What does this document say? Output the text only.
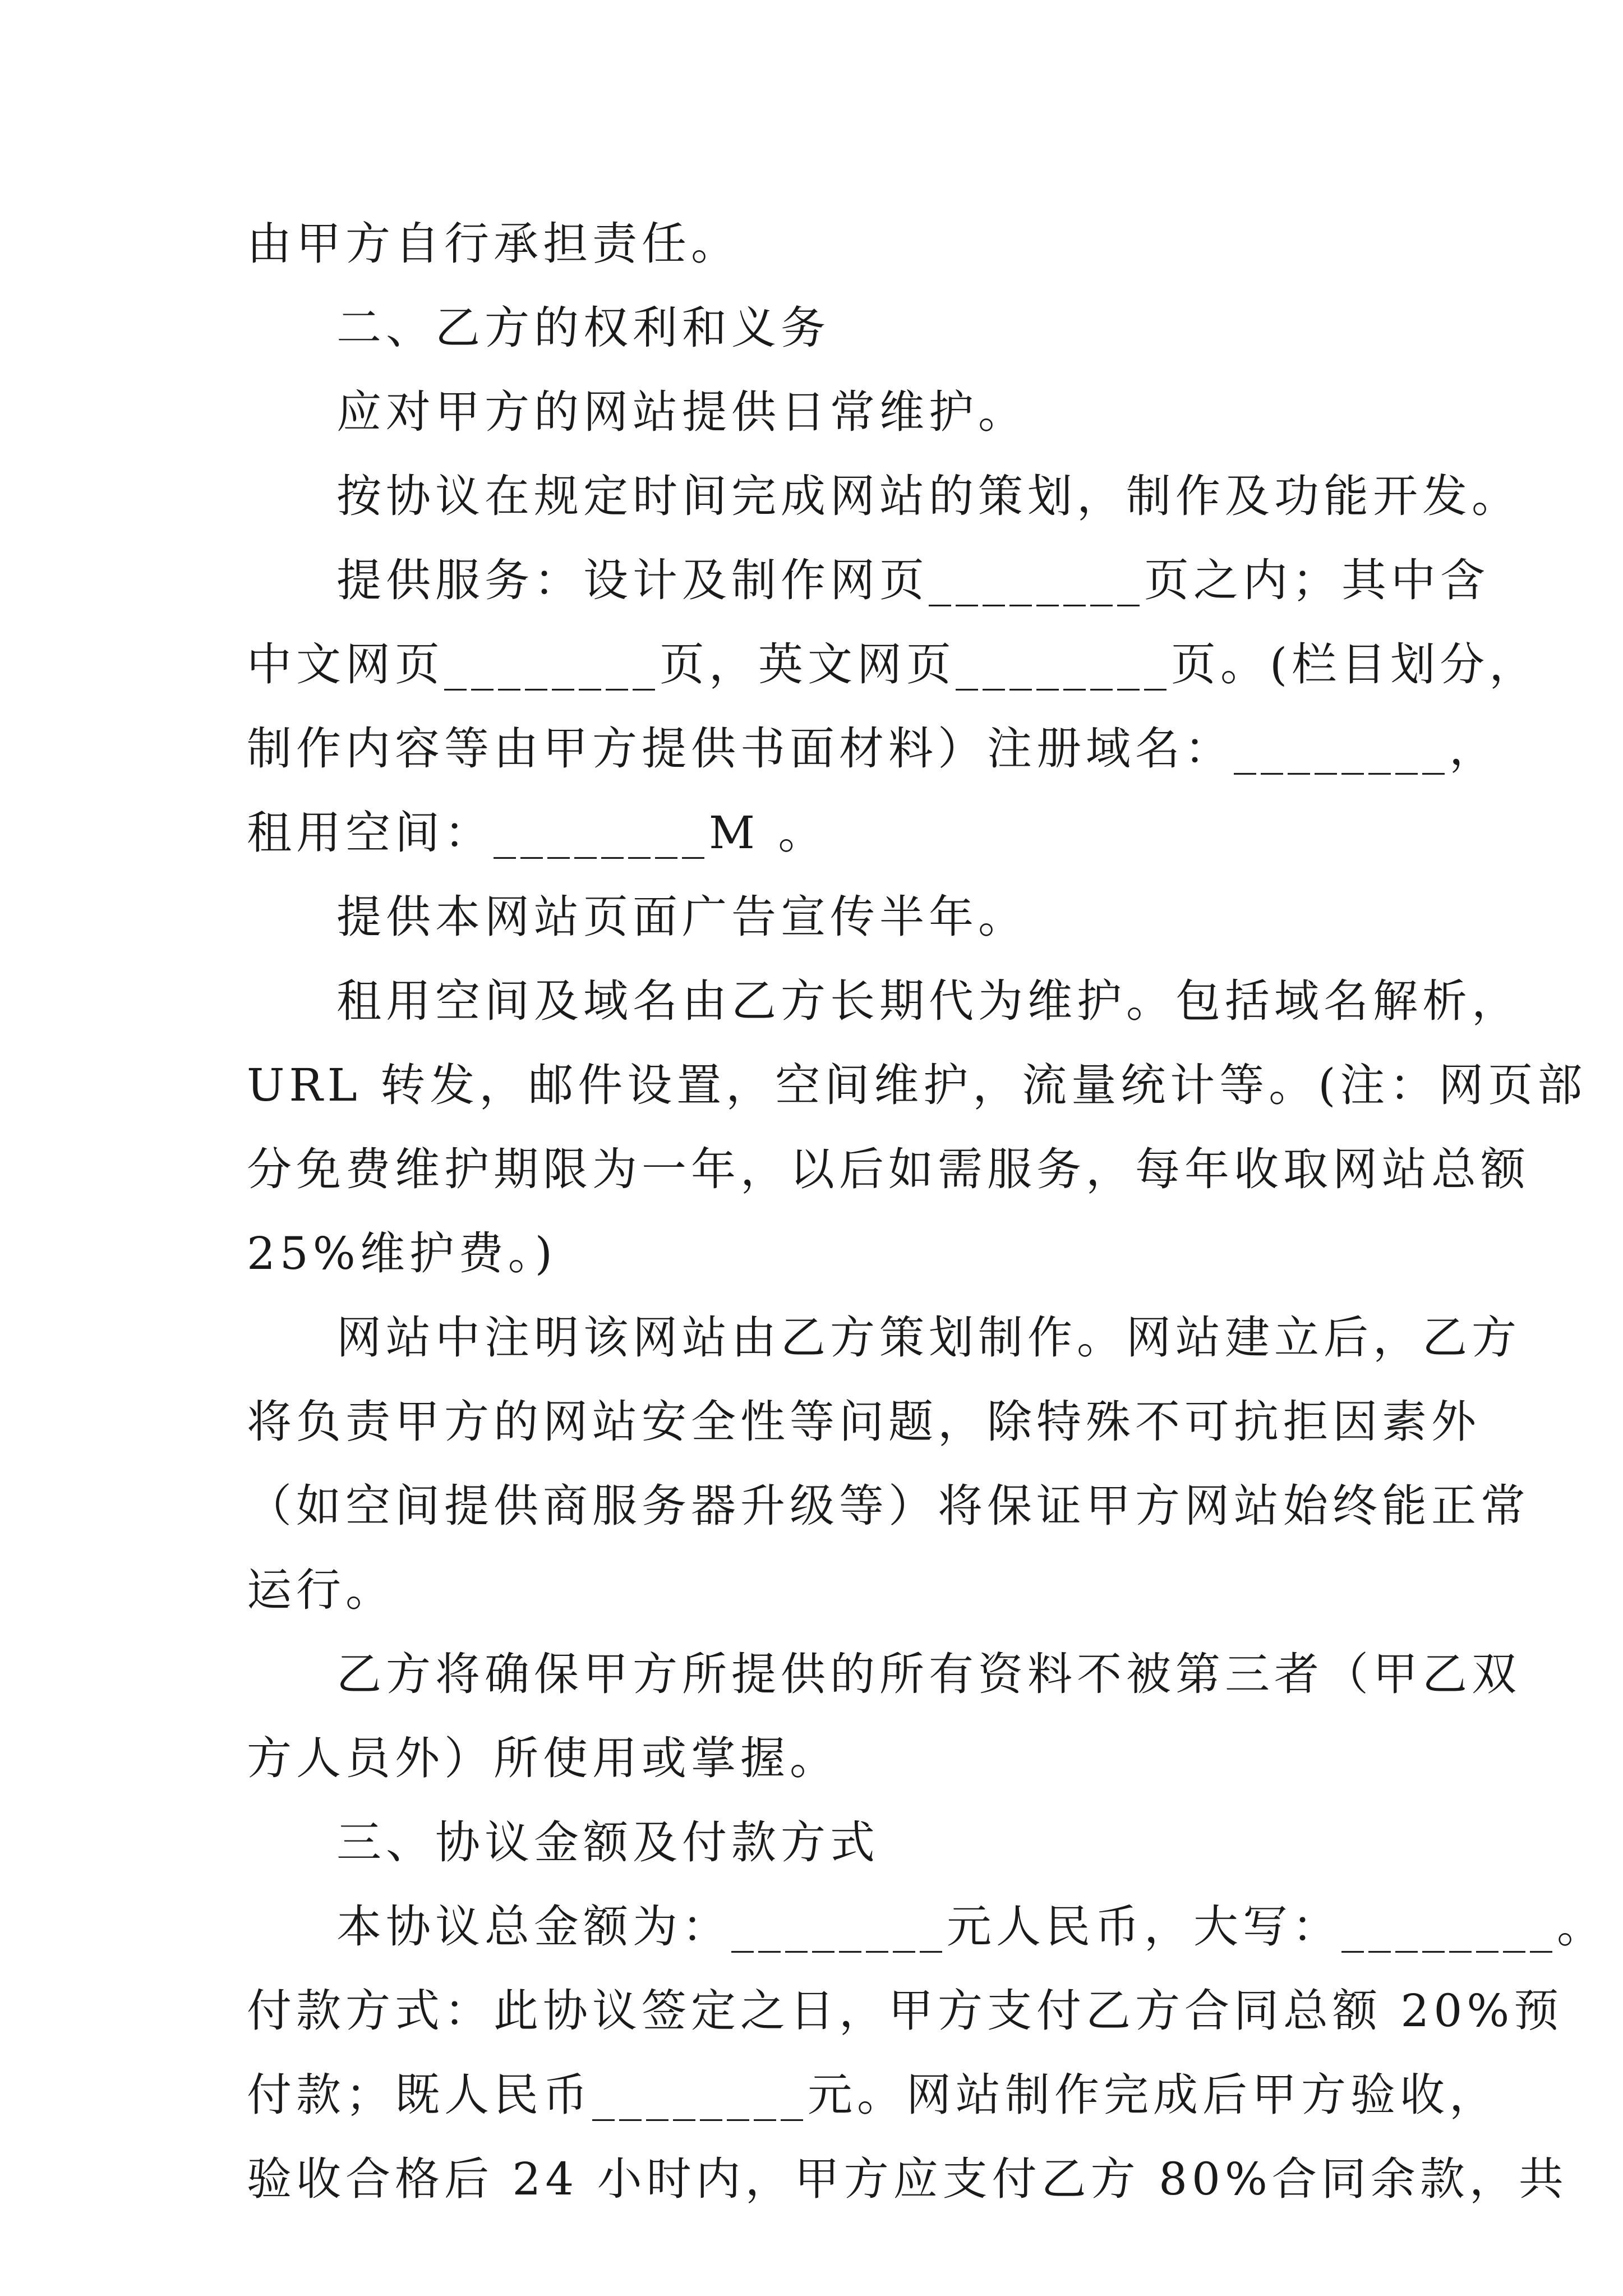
由甲方自行承担责任。
二、乙方的权利和义务
应对甲方的网站提供日常维护。
按协议在规定时间完成网站的策划，制作及功能开发。
提供服务：设计及制作网页________页之内；其中含
中文网页________页，英文网页________页。(栏目划分，
制作内容等由甲方提供书面材料）注册域名：________，
租用空间：________M 。
提供本网站页面广告宣传半年。
租用空间及域名由乙方长期代为维护。包括域名解析，
URL 转发，邮件设置，空间维护，流量统计等。(注：网页部
分免费维护期限为一年，以后如需服务，每年收取网站总额
25%维护费。)
网站中注明该网站由乙方策划制作。网站建立后，乙方
将负责甲方的网站安全性等问题，除特殊不可抗拒因素外
（如空间提供商服务器升级等）将保证甲方网站始终能正常
运行。
乙方将确保甲方所提供的所有资料不被第三者（甲乙双
方人员外）所使用或掌握。
三、协议金额及付款方式
本协议总金额为：________元人民币，大写：________。
付款方式：此协议签定之日，甲方支付乙方合同总额 20%预
付款；既人民币________元。网站制作完成后甲方验收，
验收合格后 24 小时内，甲方应支付乙方 80%合同余款，共
